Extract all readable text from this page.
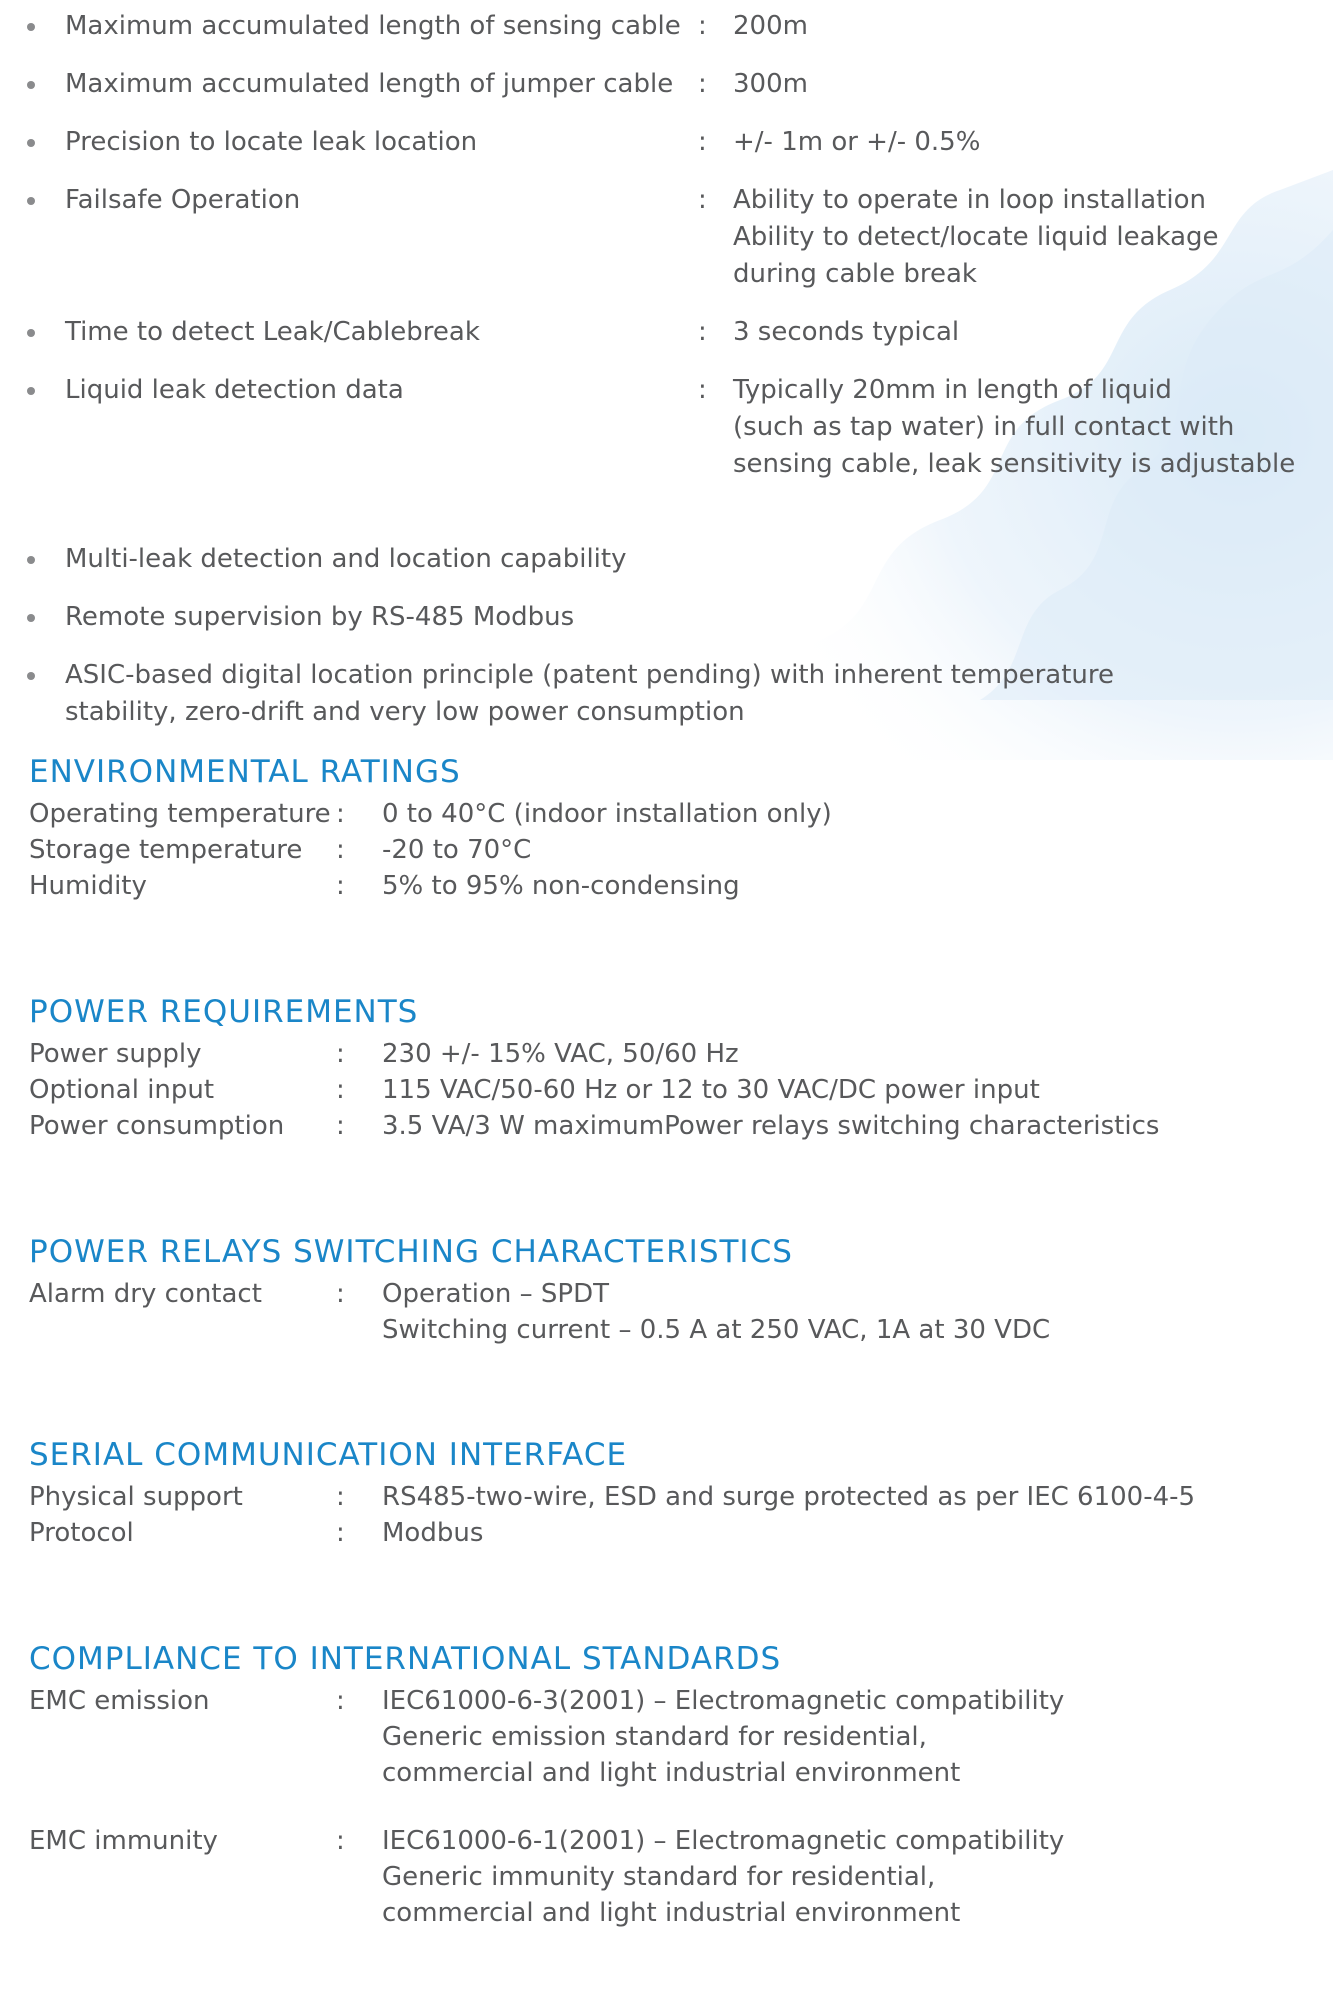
Maximum accumulated length of sensing cable : 200m
Maximum accumulated length of jumper cable : 300m
Precision to locate leak location	: +/- 1m or +/- 0.5%
Failsafe Operation	: Ability to operate in loop installation
Ability to detect/locate liquid leakage
during cable break
Time to detect Leak/Cablebreak	: 3 seconds typical
Liquid leak detection data	: Typically 20mm in length of liquid
(such as tap water) in full contact with
sensing cable, leak sensitivity is adjustable
Multi-leak detection and location capability
Remote supervision by RS-485 Modbus
ASIC-based digital location principle (patent pending) with inherent temperature stability, zero-drift and very low power consumption
ENVIRONMENTAL RATINGS
Operating temperature :	0 to 40°C (indoor installation only)
Storage temperature	:	-20 to 70°C
Humidity	:	5% to 95% non-condensing
POWER REQUIREMENTS
Power supply	:	230 +/- 15% VAC, 50/60 Hz
Optional input	:	115 VAC/50-60 Hz or 12 to 30 VAC/DC power input
Power consumption	:	3.5 VA/3 W maximumPower relays switching characteristics
POWER RELAYS SWITCHING CHARACTERISTICS
Alarm dry contact	:	Operation – SPDT
Switching current – 0.5 A at 250 VAC, 1A at 30 VDC
SERIAL COMMUNICATION INTERFACE
Physical support	:	RS485-two-wire, ESD and surge protected as per IEC 6100-4-5
Protocol	:	Modbus
COMPLIANCE TO INTERNATIONAL STANDARDS
EMC emission	:	IEC61000-6-3(2001) – Electromagnetic compatibility
Generic emission standard for residential,
commercial and light industrial environment
EMC immunity	:	IEC61000-6-1(2001) – Electromagnetic compatibility
Generic immunity standard for residential,
commercial and light industrial environment
